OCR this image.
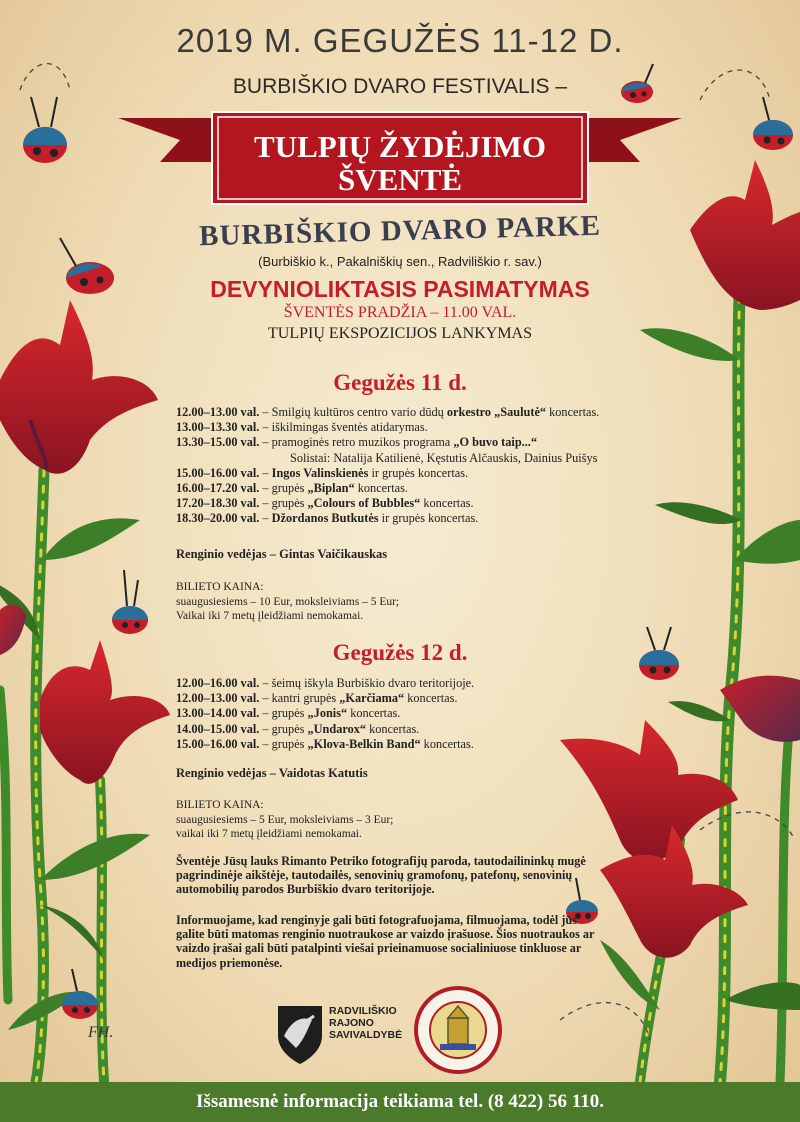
2019 M. GEGUŽĖS 11-12 D.
BURBIŠKIO DVARO FESTIVALIS –
TULPIŲ ŽYDĖJIMO
ŠVENTĖ
BURBIŠKIO DVARO PARKE
(Burbiškio k., Pakalniškių sen., Radviliškio r. sav.)
DEVYNIOLIKTASIS PASIMATYMAS
ŠVENTĖS PRADŽIA – 11.00 VAL.
TULPIŲ EKSPOZICIJOS LANKYMAS
Gegužės 11 d.
12.00–13.00 val. – Smilgių kultūros centro vario dūdų orkestro „Saulutė“ koncertas.
13.00–13.30 val. – iškilmingas šventės atidarymas.
13.30–15.00 val. – pramoginės retro muzikos programa „O buvo taip...“
Solistai: Natalija Katilienė, Kęstutis Alčauskis, Dainius Puišys
15.00–16.00 val. – Ingos Valinskienės ir grupės koncertas.
16.00–17.20 val. – grupės „Biplan“ koncertas.
17.20–18.30 val. – grupės „Colours of Bubbles“ koncertas.
18.30–20.00 val. – Džordanos Butkutės ir grupės koncertas.
Renginio vedėjas – Gintas Vaičikauskas
BILIETO KAINA:
suaugusiesiems – 10 Eur, moksleiviams – 5 Eur;
Vaikai iki 7 metų įleidžiami nemokamai.
Gegužės 12 d.
12.00–16.00 val. – šeimų iškyla Burbiškio dvaro teritorijoje.
12.00–13.00 val. – kantri grupės „Karčiama“ koncertas.
13.00–14.00 val. – grupės „Jonis“ koncertas.
14.00–15.00 val. – grupės „Undarox“ koncertas.
15.00–16.00 val. – grupės „Klova-Belkin Band“ koncertas.
Renginio vedėjas – Vaidotas Katutis
BILIETO KAINA:
suaugusiesiems – 5 Eur, moksleiviams – 3 Eur;
vaikai iki 7 metų įleidžiami nemokamai.
Šventėje Jūsų lauks Rimanto Petriko fotografijų paroda, tautodailininkų mugė pagrindinėje aikštėje, tautodailės, senovinių gramofonų, patefonų, senovinių automobilių parodos Burbiškio dvaro teritorijoje.
Informuojame, kad renginyje gali būti fotografuojama, filmuojama, todėl jūs galite būti matomas renginio nuotraukose ar vaizdo įrašuose. Šios nuotraukos ar vaizdo įrašai gali būti patalpinti viešai prieinamuose socialiniuose tinkluose ar medijos priemonėse.
RADVILIŠKIO
RAJONO
SAVIVALDYBĖ
FH.
Išsamesnė informacija teikiama tel. (8 422) 56 110.
